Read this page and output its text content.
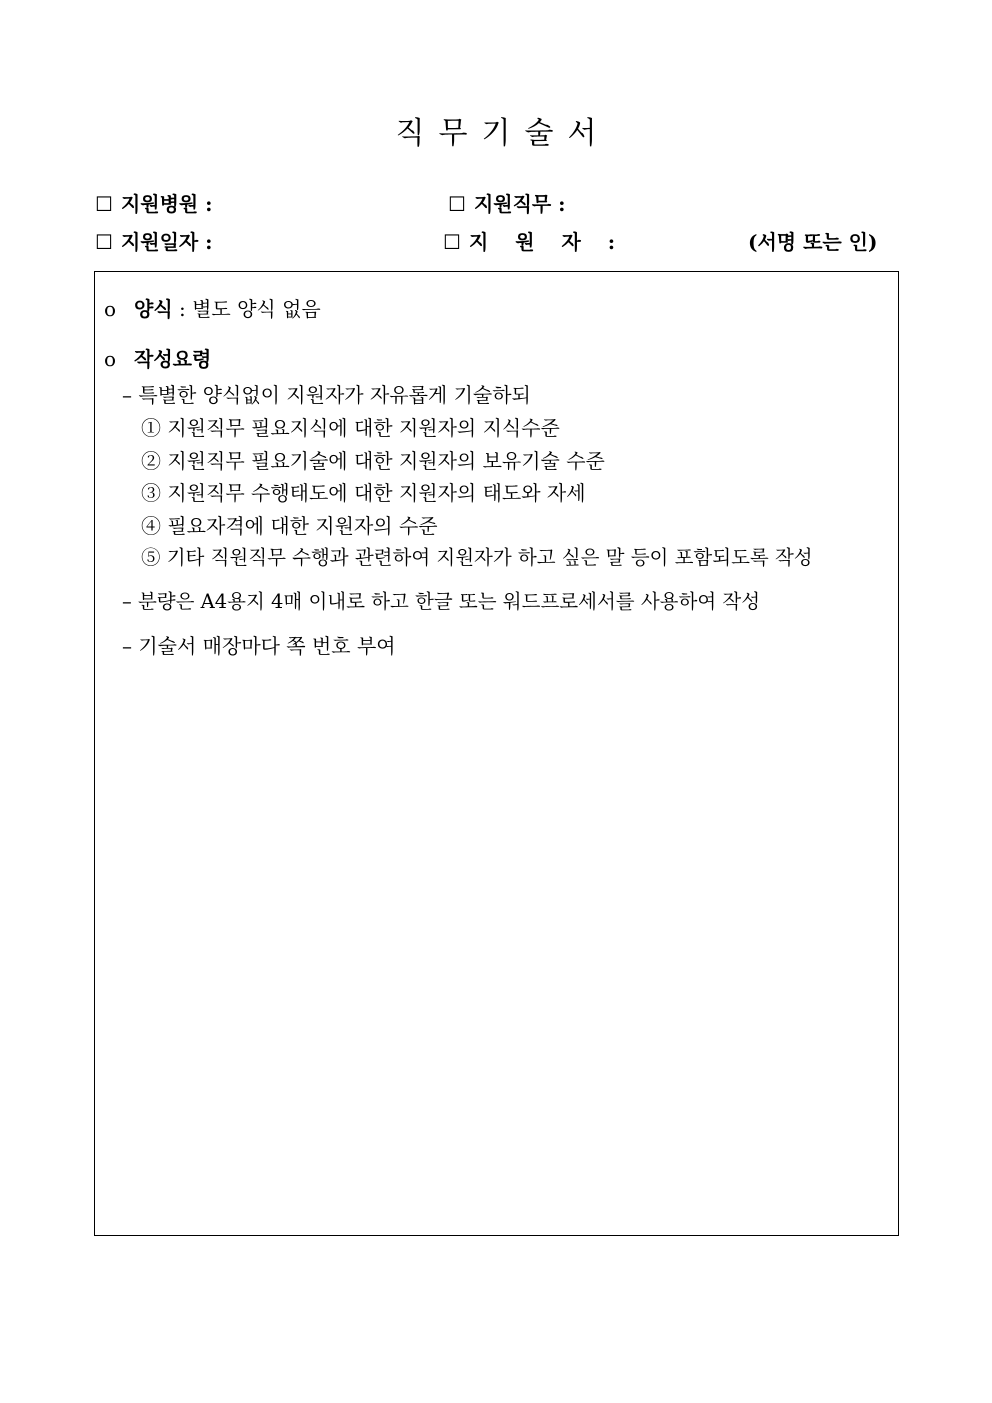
직무기술서
☐ 지원병원 :	☐ 지원직무 :
☐ 지원일자 :	☐ 지 원 자 :	(서명 또는 인)
o 양식 : 별도 양식 없음
o 작성요령
– 특별한 양식없이 지원자가 자유롭게 기술하되
① 지원직무 필요지식에 대한 지원자의 지식수준
② 지원직무 필요기술에 대한 지원자의 보유기술 수준
③ 지원직무 수행태도에 대한 지원자의 태도와 자세
④ 필요자격에 대한 지원자의 수준
⑤ 기타 직원직무 수행과 관련하여 지원자가 하고 싶은 말 등이 포함되도록 작성
– 분량은 A4용지 4매 이내로 하고 한글 또는 워드프로세서를 사용하여 작성
– 기술서 매장마다 쪽 번호 부여
